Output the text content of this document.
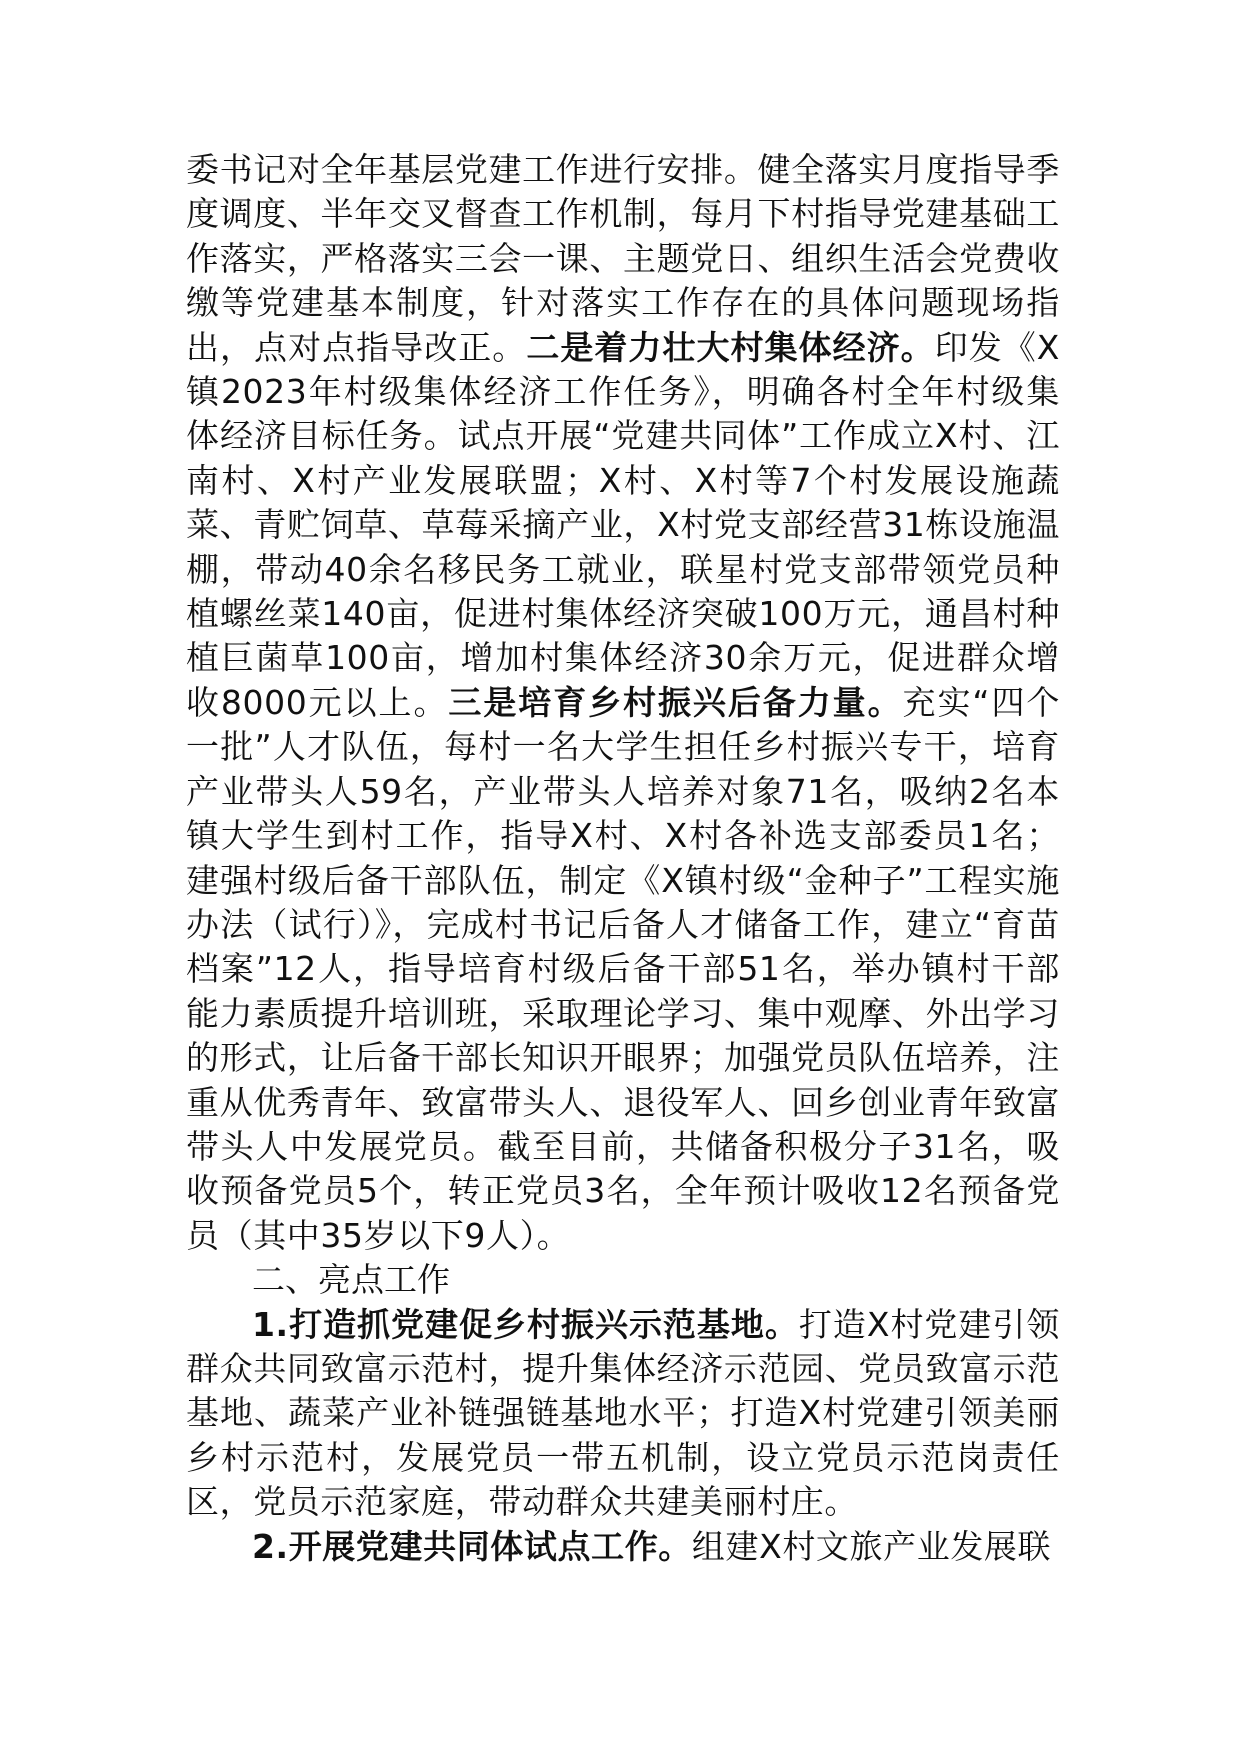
委书记对全年基层党建工作进行安排。健全落实月度指导季度调度、半年交叉督查工作机制，每月下村指导党建基础工作落实，严格落实三会一课、主题党日、组织生活会党费收缴等党建基本制度，针对落实工作存在的具体问题现场指出，点对点指导改正。二是着力壮大村集体经济。印发《X镇2023年村级集体经济工作任务》，明确各村全年村级集体经济目标任务。试点开展“党建共同体”工作成立X村、江南村、X村产业发展联盟；X村、X村等7个村发展设施蔬菜、青贮饲草、草莓采摘产业，X村党支部经营31栋设施温棚，带动40余名移民务工就业，联星村党支部带领党员种植螺丝菜140亩，促进村集体经济突破100万元，通昌村种植巨菌草100亩，增加村集体经济30余万元，促进群众增收8000元以上。三是培育乡村振兴后备力量。充实“四个一批”人才队伍，每村一名大学生担任乡村振兴专干，培育产业带头人59名，产业带头人培养对象71名，吸纳2名本镇大学生到村工作，指导X村、X村各补选支部委员1名；建强村级后备干部队伍，制定《X镇村级“金种子”工程实施办法（试行）》，完成村书记后备人才储备工作，建立“育苗档案”12人，指导培育村级后备干部51名，举办镇村干部能力素质提升培训班，采取理论学习、集中观摩、外出学习的形式，让后备干部长知识开眼界；加强党员队伍培养，注重从优秀青年、致富带头人、退役军人、回乡创业青年致富带头人中发展党员。截至目前，共储备积极分子31名，吸收预备党员5个，转正党员3名，全年预计吸收12名预备党员（其中35岁以下9人）。

二、亮点工作

1.打造抓党建促乡村振兴示范基地。打造X村党建引领群众共同致富示范村，提升集体经济示范园、党员致富示范基地、蔬菜产业补链强链基地水平；打造X村党建引领美丽乡村示范村，发展党员一带五机制，设立党员示范岗责任区，党员示范家庭，带动群众共建美丽村庄。

2.开展党建共同体试点工作。组建X村文旅产业发展联
